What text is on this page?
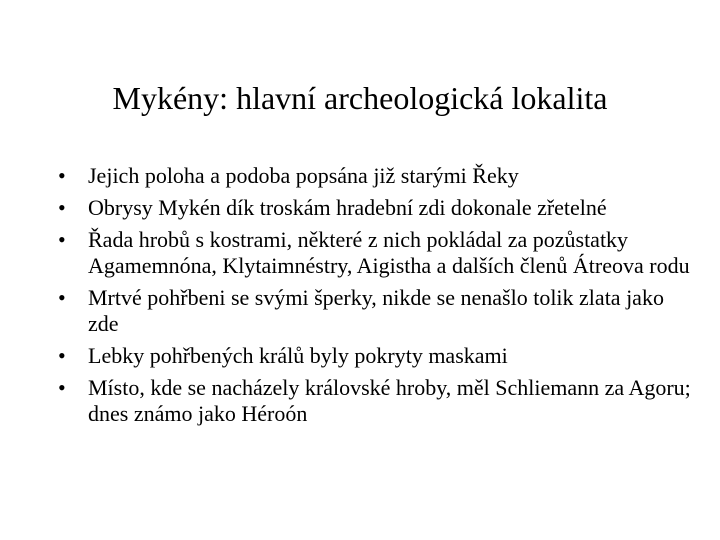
Mykény: hlavní archeologická lokalita
•	Jejich poloha a podoba popsána již starými Řeky
•	Obrysy Mykén dík troskám hradební zdi dokonale zřetelné
•	Řada hrobů s kostrami, některé z nich pokládal za pozůstatky Agamemnóna, Klytaimnéstry, Aigistha a dalších členů Átreova rodu
•	Mrtvé pohřbeni se svými šperky, nikde se nenašlo tolik zlata jako zde
•	Lebky pohřbených králů byly pokryty maskami
•	Místo, kde se nacházely královské hroby, měl Schliemann za Agoru; dnes známo jako Héroón
